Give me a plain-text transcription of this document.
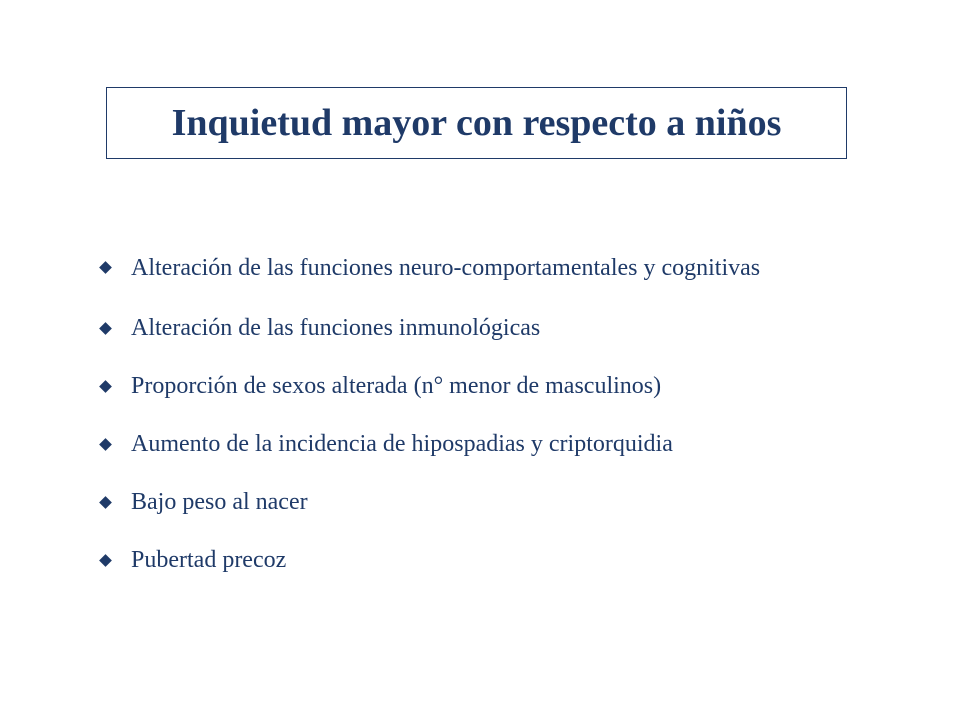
Inquietud mayor con respecto a niños
Alteración de las funciones neuro-comportamentales y cognitivas
Alteración de las funciones inmunológicas
Proporción de sexos alterada (n° menor de masculinos)
Aumento de la incidencia de hipospadias y criptorquidia
Bajo peso al nacer
Pubertad precoz
